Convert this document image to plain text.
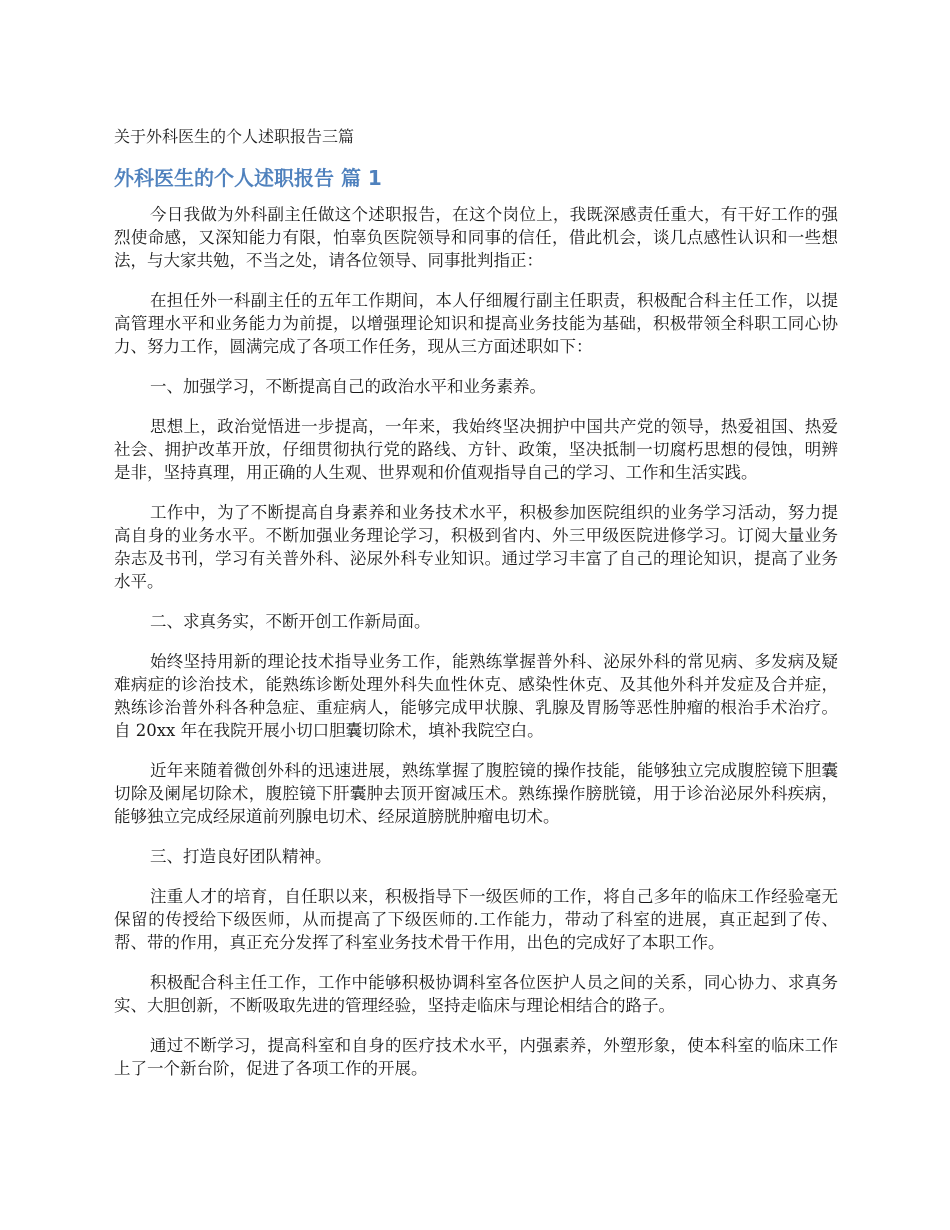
关于外科医生的个人述职报告三篇
外科医生的个人述职报告 篇 1

今日我做为外科副主任做这个述职报告，在这个岗位上，我既深感责任重大，有干好工作的强烈使命感，又深知能力有限，怕辜负医院领导和同事的信任，借此机会，谈几点感性认识和一些想法，与大家共勉，不当之处，请各位领导、同事批判指正：

在担任外一科副主任的五年工作期间，本人仔细履行副主任职责，积极配合科主任工作，以提高管理水平和业务能力为前提，以增强理论知识和提高业务技能为基础，积极带领全科职工同心协力、努力工作，圆满完成了各项工作任务，现从三方面述职如下：

一、加强学习，不断提高自己的政治水平和业务素养。

思想上，政治觉悟进一步提高，一年来，我始终坚决拥护中国共产党的领导，热爱祖国、热爱社会、拥护改革开放，仔细贯彻执行党的路线、方针、政策，坚决抵制一切腐朽思想的侵蚀，明辨是非，坚持真理，用正确的人生观、世界观和价值观指导自己的学习、工作和生活实践。

工作中，为了不断提高自身素养和业务技术水平，积极参加医院组织的业务学习活动，努力提高自身的业务水平。不断加强业务理论学习，积极到省内、外三甲级医院进修学习。订阅大量业务杂志及书刊，学习有关普外科、泌尿外科专业知识。通过学习丰富了自己的理论知识，提高了业务水平。

二、求真务实，不断开创工作新局面。

始终坚持用新的理论技术指导业务工作，能熟练掌握普外科、泌尿外科的常见病、多发病及疑难病症的诊治技术，能熟练诊断处理外科失血性休克、感染性休克、及其他外科并发症及合并症，熟练诊治普外科各种急症、重症病人，能够完成甲状腺、乳腺及胃肠等恶性肿瘤的根治手术治疗。自 20xx 年在我院开展小切口胆囊切除术，填补我院空白。

近年来随着微创外科的迅速进展，熟练掌握了腹腔镜的操作技能，能够独立完成腹腔镜下胆囊切除及阑尾切除术，腹腔镜下肝囊肿去顶开窗减压术。熟练操作膀胱镜，用于诊治泌尿外科疾病，能够独立完成经尿道前列腺电切术、经尿道膀胱肿瘤电切术。

三、打造良好团队精神。

注重人才的培育，自任职以来，积极指导下一级医师的工作，将自己多年的临床工作经验毫无保留的传授给下级医师，从而提高了下级医师的.工作能力，带动了科室的进展，真正起到了传、帮、带的作用，真正充分发挥了科室业务技术骨干作用，出色的完成好了本职工作。

积极配合科主任工作，工作中能够积极协调科室各位医护人员之间的关系，同心协力、求真务实、大胆创新，不断吸取先进的管理经验，坚持走临床与理论相结合的路子。

通过不断学习，提高科室和自身的医疗技术水平，内强素养，外塑形象，使本科室的临床工作上了一个新台阶，促进了各项工作的开展。
